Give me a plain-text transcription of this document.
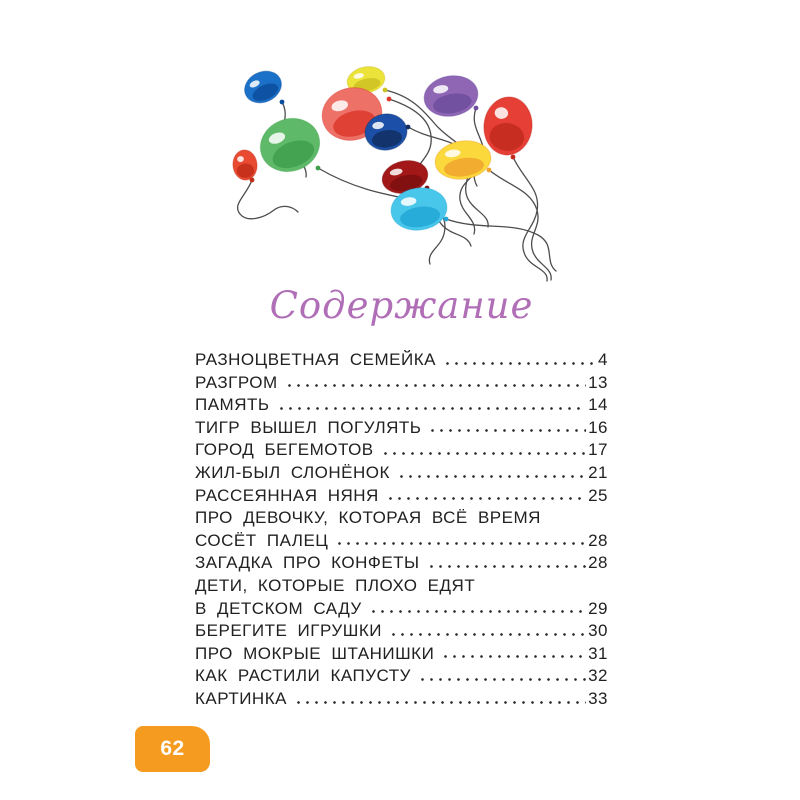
Содержание
РАЗНОЦВЕТНАЯ СЕМЕЙКА	4
РАЗГРОМ	13
ПАМЯТЬ	14
ТИГР ВЫШЕЛ ПОГУЛЯТЬ	16
ГОРОД БЕГЕМОТОВ	17
ЖИЛ-БЫЛ СЛОНЁНОК	21
РАССЕЯННАЯ НЯНЯ	25
ПРО ДЕВОЧКУ, КОТОРАЯ ВСЁ ВРЕМЯ
СОСЁТ ПАЛЕЦ	28
ЗАГАДКА ПРО КОНФЕТЫ	28
ДЕТИ, КОТОРЫЕ ПЛОХО ЕДЯТ
В ДЕТСКОМ САДУ	29
БЕРЕГИТЕ ИГРУШКИ	30
ПРО МОКРЫЕ ШТАНИШКИ	31
КАК РАСТИЛИ КАПУСТУ	32
КАРТИНКА	33
62
